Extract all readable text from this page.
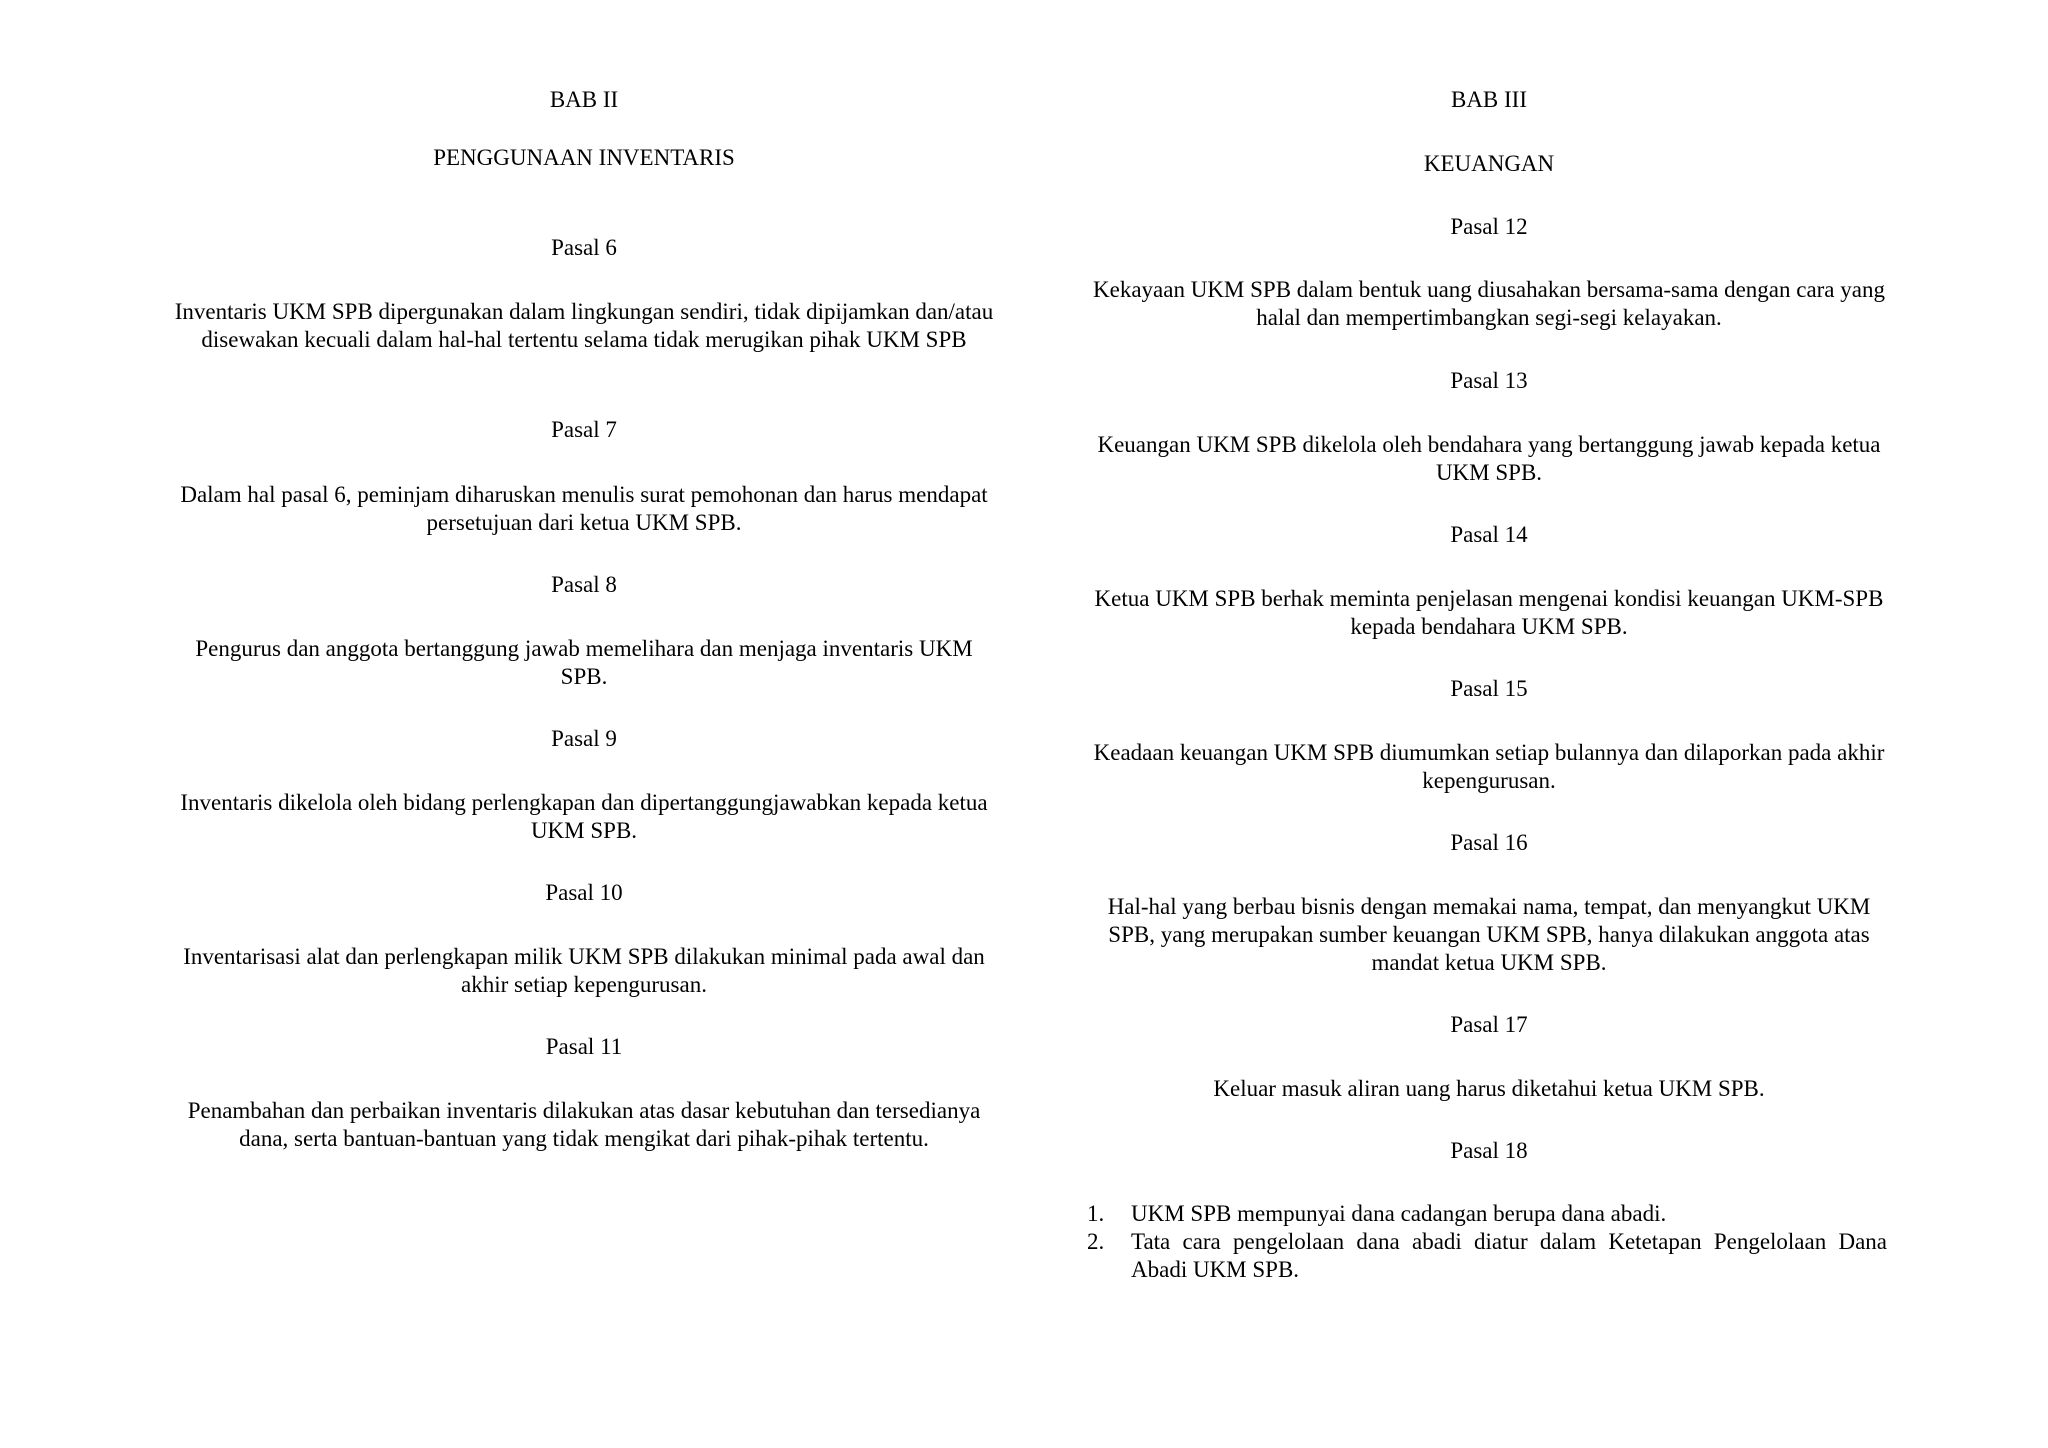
BAB II
PENGGUNAAN INVENTARIS
Pasal 6
Inventaris UKM SPB dipergunakan dalam lingkungan sendiri, tidak dipijamkan dan/atau disewakan kecuali dalam hal-hal tertentu selama tidak merugikan pihak UKM SPB
Pasal 7
Dalam hal pasal 6, peminjam diharuskan menulis surat pemohonan dan harus mendapat persetujuan dari ketua UKM SPB.
Pasal 8
Pengurus dan anggota bertanggung jawab memelihara dan menjaga inventaris UKM SPB.
Pasal 9
Inventaris dikelola oleh bidang perlengkapan dan dipertanggungjawabkan kepada ketua UKM SPB.
Pasal 10
Inventarisasi alat dan perlengkapan milik UKM SPB dilakukan minimal pada awal dan akhir setiap kepengurusan.
Pasal 11
Penambahan dan perbaikan inventaris dilakukan atas dasar kebutuhan dan tersedianya dana, serta bantuan-bantuan yang tidak mengikat dari pihak-pihak tertentu.
BAB III
KEUANGAN
Pasal 12
Kekayaan UKM SPB dalam bentuk uang diusahakan bersama-sama dengan cara yang halal dan mempertimbangkan segi-segi kelayakan.
Pasal 13
Keuangan UKM SPB dikelola oleh bendahara yang bertanggung jawab kepada ketua UKM SPB.
Pasal 14
Ketua UKM SPB berhak meminta penjelasan mengenai kondisi keuangan UKM-SPB kepada bendahara UKM SPB.
Pasal 15
Keadaan keuangan UKM SPB diumumkan setiap bulannya dan dilaporkan pada akhir kepengurusan.
Pasal 16
Hal-hal yang berbau bisnis dengan memakai nama, tempat, dan menyangkut UKM SPB, yang merupakan sumber keuangan UKM SPB, hanya dilakukan anggota atas mandat ketua UKM SPB.
Pasal 17
Keluar masuk aliran uang harus diketahui ketua UKM SPB.
Pasal 18
1. UKM SPB mempunyai dana cadangan berupa dana abadi.
2. Tata cara pengelolaan dana abadi diatur dalam Ketetapan Pengelolaan Dana Abadi UKM SPB.
